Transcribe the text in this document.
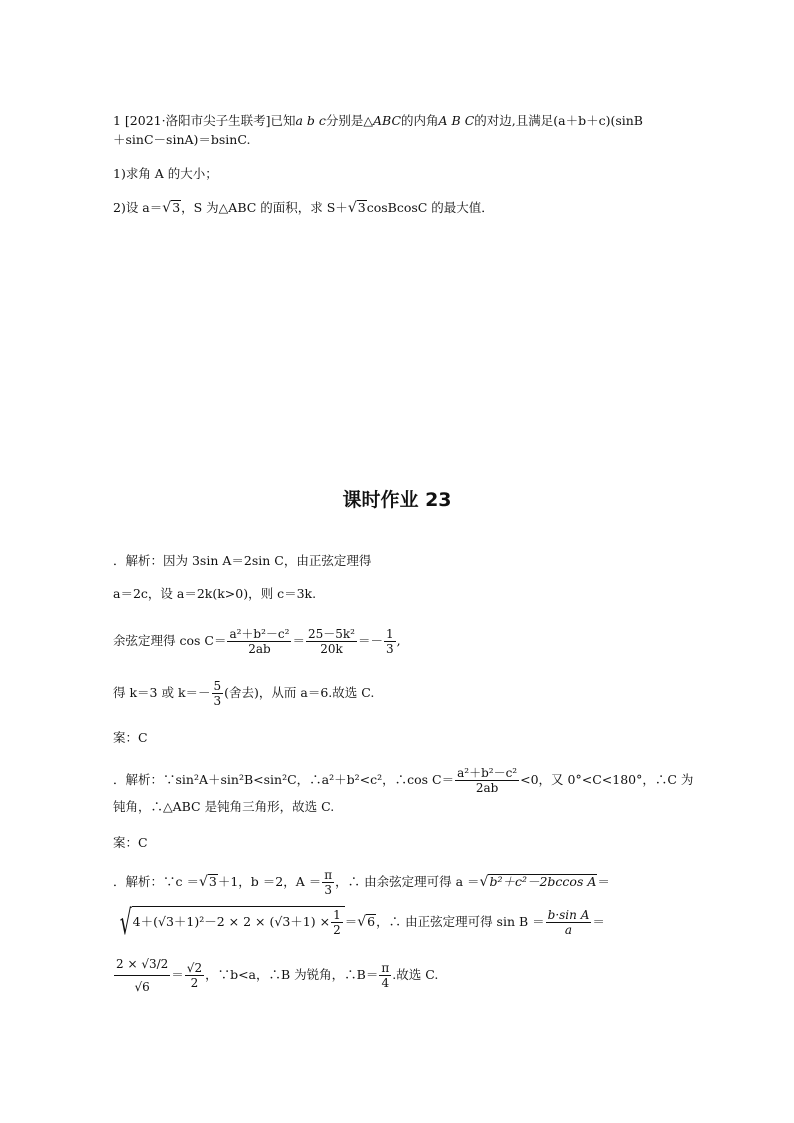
1 [2021·洛阳市尖子生联考]已知a b c分别是△ABC的内角A B C的对边,且满足(a＋b＋c)(sinB
＋sinC－sinA)＝bsinC.
1)求角 A 的大小；
2)设 a＝√3，S 为△ABC 的面积，求 S＋√3cosBcosC 的最大值．
课时作业 23
．解析：因为 3sin A＝2sin C，由正弦定理得
a＝2c，设 a＝2k(k>0)，则 c＝3k.
余弦定理得 $\cos C= \frac{\text{a²＋b²－c²}}{2ab} = \frac{\text{25－5k²}}{20k} =- \frac{1}{3}$ ,
得 k＝3 或 $k=- \frac{5}{3}$ (舍去)，从而 a＝6.故选 C.
案：C
．解析：∵sin²A＋sin²B<sin²C，∴a²＋b²<c²，∴cos $C= \frac{\text{a²＋b²－c²}}{2ab} <0$，又 0°<C<180°，∴C 为
钝角，∴△ABC 是钝角三角形，故选 C.
案：C
．解析：∵c ＝√3＋1，b ＝2，$A = \frac{\pi}{3}$ ，∴ 由余弦定理可得 a ＝√b²＋c²－2bccos A＝
$√4+(√3+1)^2-2 \times 2 \times (√3+1) \times \frac{1}{2} =√6$，∴ 由正弦定理可得 $\sin B = \frac{\text{b·sin A}}{a}$ ＝
$\frac{2 \times √3/2}{√6} = \frac{√2}{2}$ ，∵b<a，∴B 为锐角，∴B＝ $\frac{\pi}{4}$ .故选 C.
